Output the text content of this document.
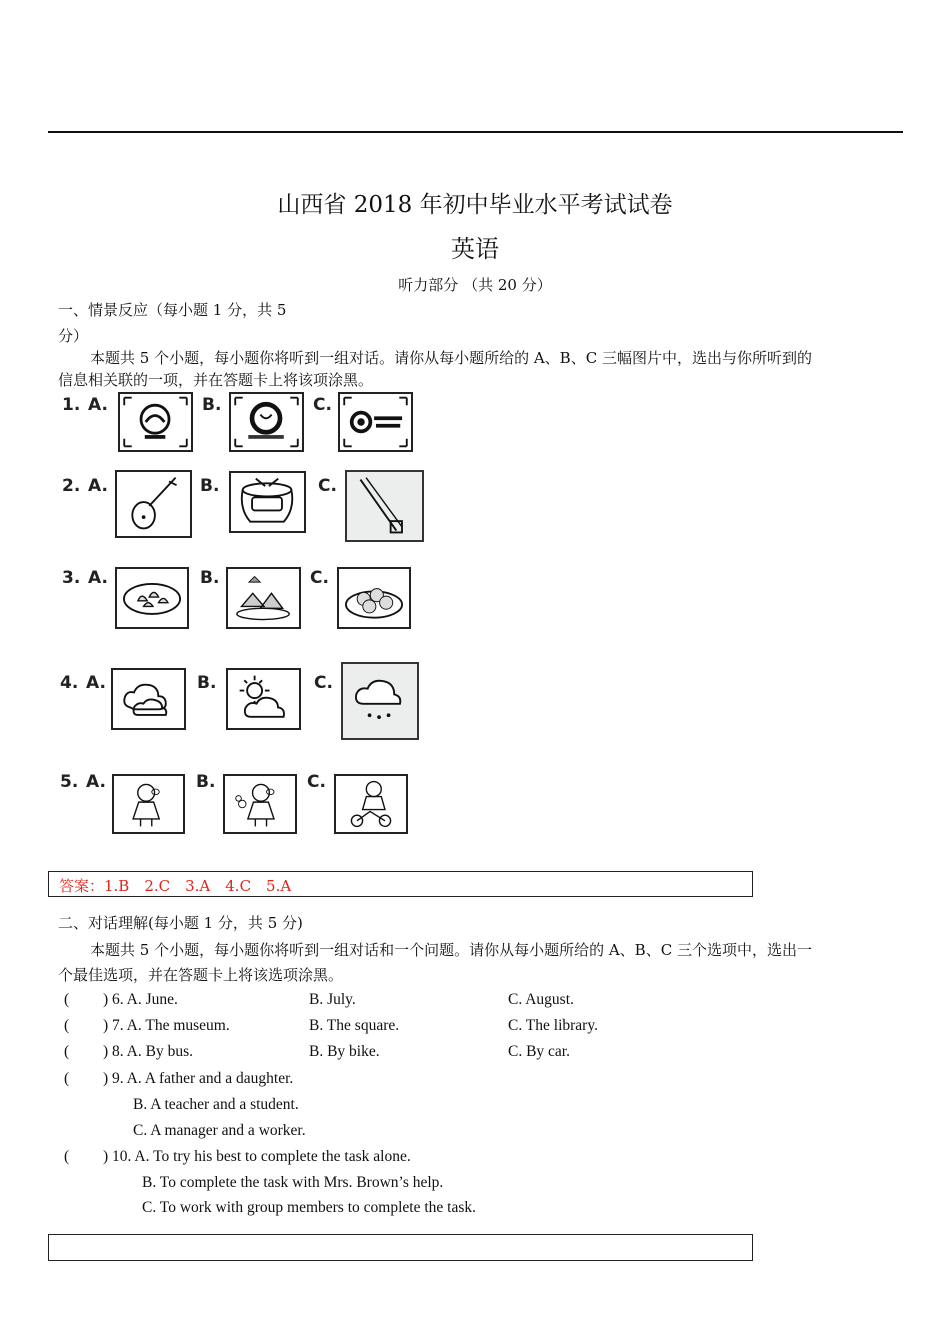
山西省 2018 年初中毕业水平考试试卷
英语
听力部分 （共 20 分）
一、情景反应（每小题 1 分，共 5
分）
本题共 5 个小题，每小题你将听到一组对话。请你从每小题所给的 A、B、C 三幅图片中，选出与你所听到的
信息相关联的一项，并在答题卡上将该项涂黑。
1. A.	B.	C.
2. A.	B.	C.
3. A.	B.	C.
4. A.	B.	C.
5. A.	B.	C.
答案：1.B　2.C　3.A　4.C　5.A
二、对话理解(每小题 1 分，共 5 分)
本题共 5 个小题，每小题你将听到一组对话和一个问题。请你从每小题所给的 A、B、C 三个选项中，选出一
个最佳选项，并在答题卡上将该选项涂黑。
( ) 6. A. June.	B. July.	C. August.
( ) 7. A. The museum.	B. The square.	C. The library.
( ) 8. A. By bus.	B. By bike.	C. By car.
( ) 9. A. A father and a daughter.
B. A teacher and a student.
C. A manager and a worker.
( ) 10. A. To try his best to complete the task alone.
B. To complete the task with Mrs. Brown’s help.
C. To work with group members to complete the task.
